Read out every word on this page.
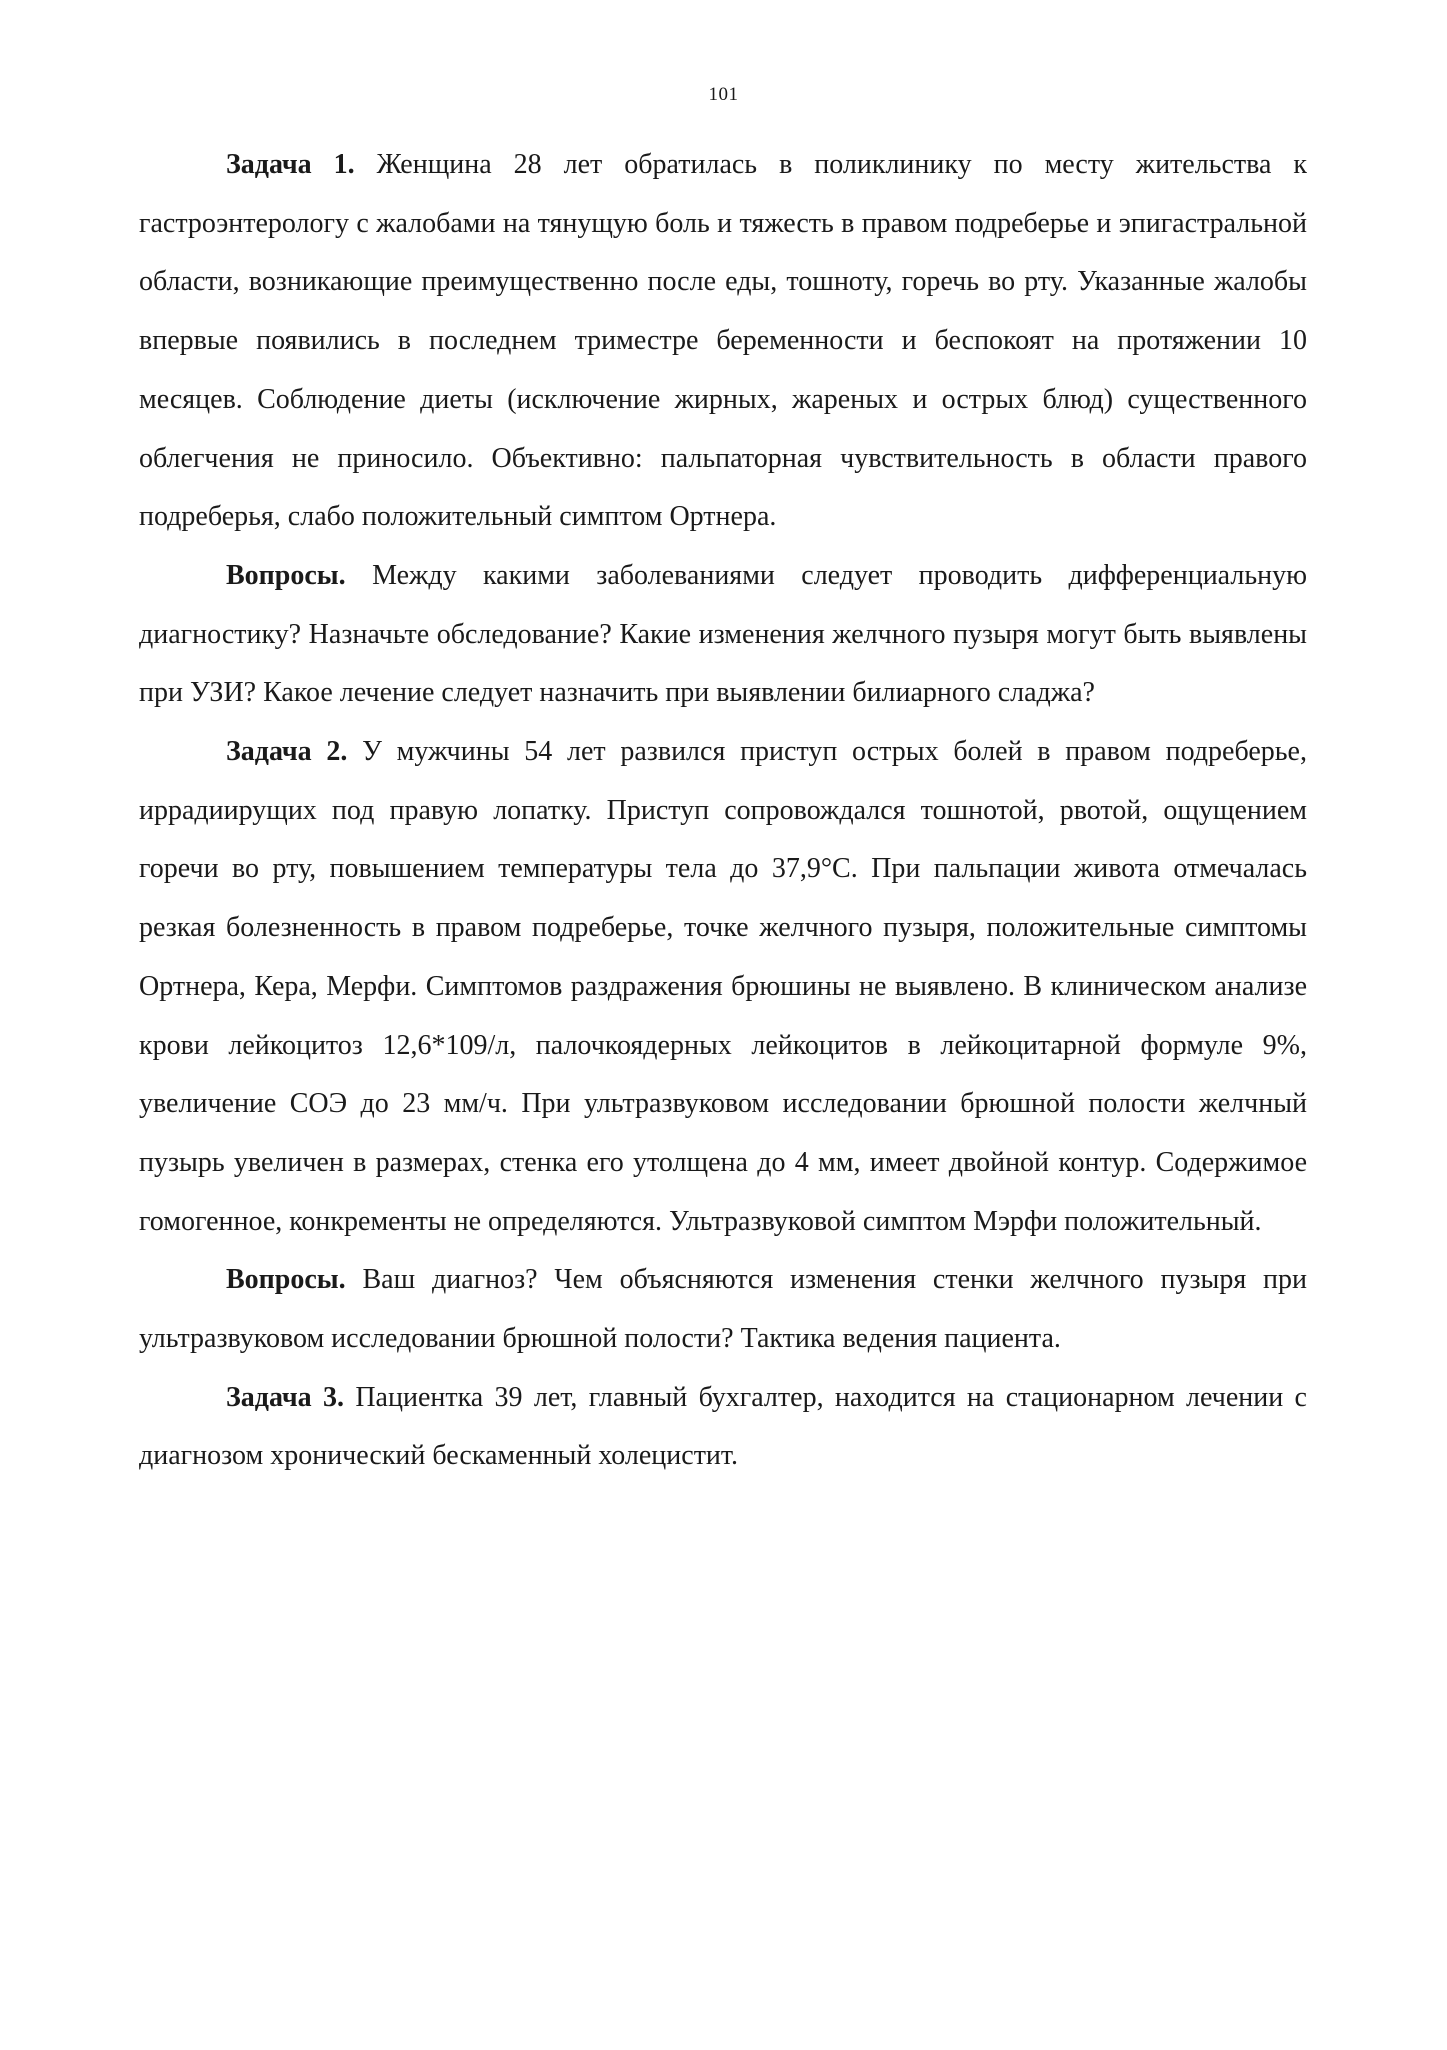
101

Задача 1. Женщина 28 лет обратилась в поликлинику по месту жительства к гастроэнтерологу с жалобами на тянущую боль и тяжесть в правом подреберье и эпигастральной области, возникающие преимущественно после еды, тошноту, горечь во рту. Указанные жалобы впервые появились в последнем триместре беременности и беспокоят на протяжении 10 месяцев. Соблюдение диеты (исключение жирных, жареных и острых блюд) существенного облегчения не приносило. Объективно: пальпаторная чувствительность в области правого подреберья, слабо положительный симптом Ортнера.

Вопросы. Между какими заболеваниями следует проводить дифференциальную диагностику? Назначьте обследование? Какие изменения желчного пузыря могут быть выявлены при УЗИ? Какое лечение следует назначить при выявлении билиарного сладжа?

Задача 2. У мужчины 54 лет развился приступ острых болей в правом подреберье, иррадиирущих под правую лопатку. Приступ сопровождался тошнотой, рвотой, ощущением горечи во рту, повышением температуры тела до 37,9°С. При пальпации живота отмечалась резкая болезненность в правом подреберье, точке желчного пузыря, положительные симптомы Ортнера, Кера, Мерфи. Симптомов раздражения брюшины не выявлено. В клиническом анализе крови лейкоцитоз 12,6*109/л, палочкоядерных лейкоцитов в лейкоцитарной формуле 9%, увеличение СОЭ до 23 мм/ч. При ультразвуковом исследовании брюшной полости желчный пузырь увеличен в размерах, стенка его утолщена до 4 мм, имеет двойной контур. Содержимое гомогенное, конкременты не определяются. Ультразвуковой симптом Мэрфи положительный.

Вопросы. Ваш диагноз? Чем объясняются изменения стенки желчного пузыря при ультразвуковом исследовании брюшной полости? Тактика ведения пациента.

Задача 3. Пациентка 39 лет, главный бухгалтер, находится на стационарном лечении с диагнозом хронический бескаменный холецистит.
